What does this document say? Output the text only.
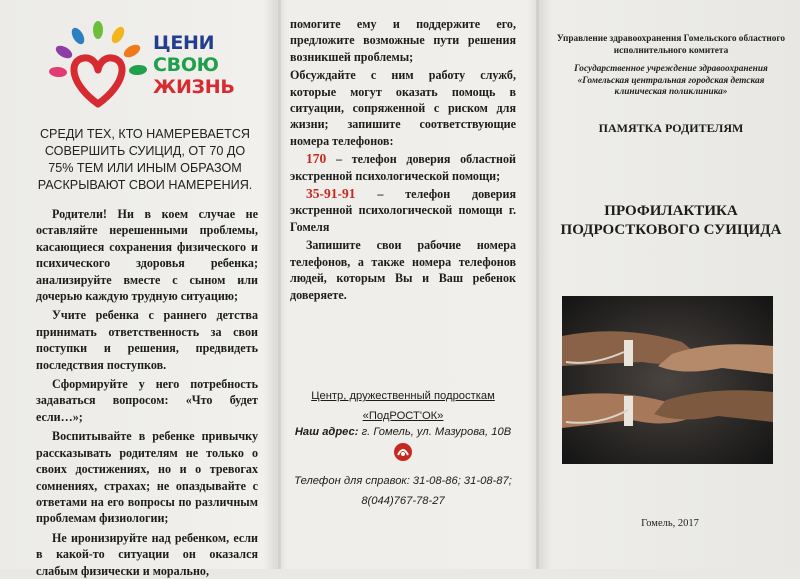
ЦЕНИ
СВОЮ
ЖИЗНЬ
СРЕДИ ТЕХ, КТО НАМЕРЕВАЕТСЯ СОВЕРШИТЬ СУИЦИД, ОТ 70 ДО 75% ТЕМ ИЛИ ИНЫМ ОБРАЗОМ РАСКРЫВАЮТ СВОИ НАМЕРЕНИЯ.

Родители! Ни в коем случае не оставляйте нерешенными проблемы, касающиеся сохранения физического и психического здоровья ребенка; анализируйте вместе с сыном или дочерью каждую трудную ситуацию;

Учите ребенка с раннего детства принимать ответственность за свои поступки и решения, предвидеть последствия поступков.

Сформируйте у него потребность задаваться вопросом: «Что будет если…»;

Воспитывайте в ребенке привычку рассказывать родителям не только о своих достижениях, но и о тревогах сомнениях, страхах; не опаздывайте с ответами на его вопросы по различным проблемам физиологии;

Не иронизируйте над ребенком, если в какой-то ситуации он оказался слабым физически и морально,

помогите ему и поддержите его, предложите возможные пути решения возникшей проблемы;

Обсуждайте с ним работу служб, которые могут оказать помощь в ситуации, сопряженной с риском для жизни; запишите соответствующие номера телефонов:

170 – телефон доверия областной экстренной психологической помощи;

35-91-91 – телефон доверия экстренной психологической помощи г. Гомеля

Запишите свои рабочие номера телефонов, а также номера телефонов людей, которым Вы и Ваш ребенок доверяете.

Центр, дружественный подросткам
«ПодРОСТ'ОК»
Наш адрес: г. Гомель, ул. Мазурова, 10В
Телефон для справок: 31-08-86; 31-08-87;
8(044)767-78-27
Управление здравоохранения Гомельского областного исполнительного комитета
Государственное учреждение здравоохранения «Гомельская центральная городская детская клиническая поликлиника»
ПАМЯТКА РОДИТЕЛЯМ
ПРОФИЛАКТИКА ПОДРОСТКОВОГО СУИЦИДА
Гомель, 2017
